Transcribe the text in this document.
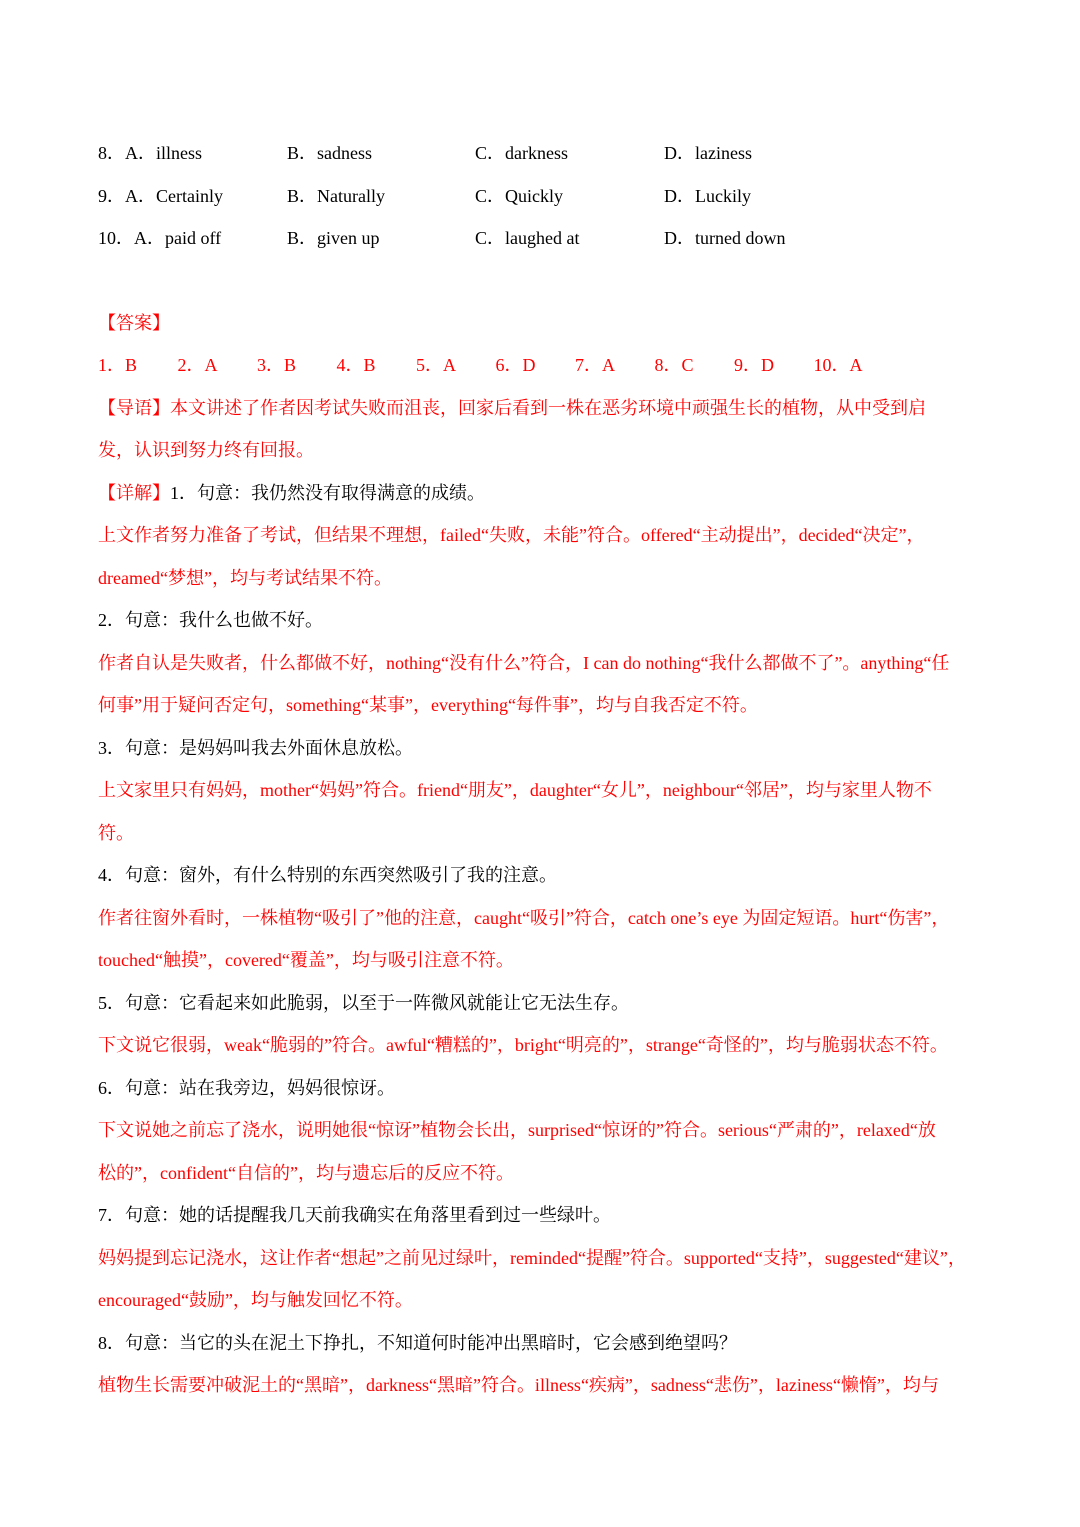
8．A．illness	B．sadness	C．darkness	D．laziness
9．A．Certainly	B．Naturally	C．Quickly	D．Luckily
10．A．paid off	B．given up	C．laughed at	D．turned down
【答案】
1．B 2．A 3．B 4．B 5．A 6．D 7．A 8．C 9．D 10．A
【导语】本文讲述了作者因考试失败而沮丧，回家后看到一株在恶劣环境中顽强生长的植物，从中受到启
发，认识到努力终有回报。
【详解】1．句意：我仍然没有取得满意的成绩。
上文作者努力准备了考试，但结果不理想，failed“失败，未能”符合。offered“主动提出”，decided“决定”，
dreamed“梦想”，均与考试结果不符。
2．句意：我什么也做不好。
作者自认是失败者，什么都做不好，nothing“没有什么”符合，I can do nothing“我什么都做不了”。anything“任
何事”用于疑问否定句，something“某事”，everything“每件事”，均与自我否定不符。
3．句意：是妈妈叫我去外面休息放松。
上文家里只有妈妈，mother“妈妈”符合。friend“朋友”，daughter“女儿”，neighbour“邻居”，均与家里人物不
符。
4．句意：窗外，有什么特别的东西突然吸引了我的注意。
作者往窗外看时，一株植物“吸引了”他的注意，caught“吸引”符合，catch one’s eye 为固定短语。hurt“伤害”，
touched“触摸”，covered“覆盖”，均与吸引注意不符。
5．句意：它看起来如此脆弱，以至于一阵微风就能让它无法生存。
下文说它很弱，weak“脆弱的”符合。awful“糟糕的”，bright“明亮的”，strange“奇怪的”，均与脆弱状态不符。
6．句意：站在我旁边，妈妈很惊讶。
下文说她之前忘了浇水，说明她很“惊讶”植物会长出，surprised“惊讶的”符合。serious“严肃的”，relaxed“放
松的”，confident“自信的”，均与遗忘后的反应不符。
7．句意：她的话提醒我几天前我确实在角落里看到过一些绿叶。
妈妈提到忘记浇水，这让作者“想起”之前见过绿叶，reminded“提醒”符合。supported“支持”，suggested“建议”，
encouraged“鼓励”，均与触发回忆不符。
8．句意：当它的头在泥土下挣扎，不知道何时能冲出黑暗时，它会感到绝望吗？
植物生长需要冲破泥土的“黑暗”，darkness“黑暗”符合。illness“疾病”，sadness“悲伤”，laziness“懒惰”，均与
